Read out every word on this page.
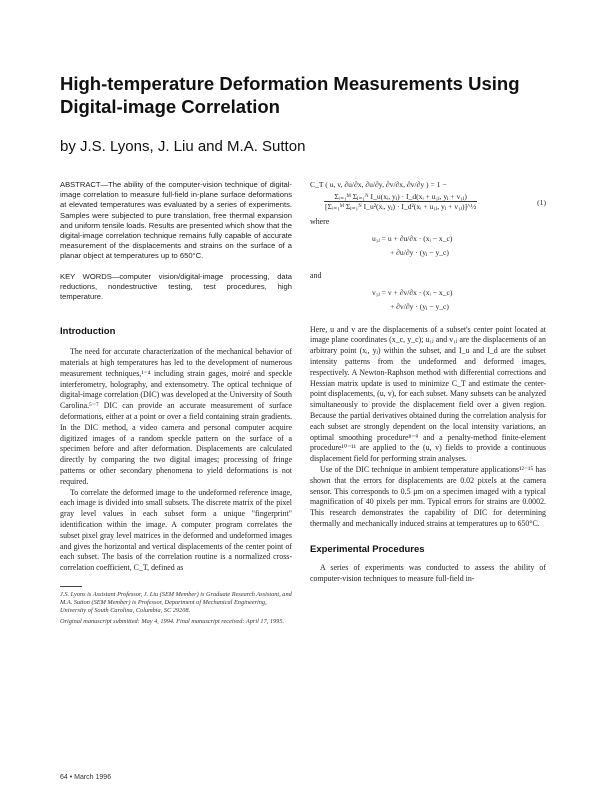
High-temperature Deformation Measurements Using Digital-image Correlation

by J.S. Lyons, J. Liu and M.A. Sutton

ABSTRACT—The ability of the computer-vision technique of digital-image correlation to measure full-field in-plane surface deformations at elevated temperatures was evaluated by a series of experiments. Samples were subjected to pure translation, free thermal expansion and uniform tensile loads. Results are presented which show that the digital-image correlation technique remains fully capable of accurate measurement of the displacements and strains on the surface of a planar object at temperatures up to 650°C.

KEY WORDS—computer vision/digital-image processing, data reductions, nondestructive testing, test procedures, high temperature.

Introduction

The need for accurate characterization of the mechanical behavior of materials at high temperatures has led to the development of numerous measurement techniques,¹⁻⁴ including strain gages, moiré and speckle interferometry, holography, and extensometry. The optical technique of digital-image correlation (DIC) was developed at the University of South Carolina.⁵⁻⁷ DIC can provide an accurate measurement of surface deformations, either at a point or over a field containing strain gradients. In the DIC method, a video camera and personal computer acquire digitized images of a random speckle pattern on the surface of a specimen before and after deformation. Displacements are calculated directly by comparing the two digital images; processing of fringe patterns or other secondary phenomena to yield deformations is not required.

To correlate the deformed image to the undeformed reference image, each image is divided into small subsets. The discrete matrix of the pixel gray level values in each subset form a unique "fingerprint" identification within the image. A computer program correlates the subset pixel gray level matrices in the deformed and undeformed images and gives the horizontal and vertical displacements of the center point of each subset. The basis of the correlation routine is a normalized cross-correlation coefficient, C_T, defined as

J.S. Lyons is Assistant Professor, J. Liu (SEM Member) is Graduate Research Assistant, and M.A. Sutton (SEM Member) is Professor, Department of Mechanical Engineering, University of South Carolina, Columbia, SC 29208.

Original manuscript submitted: May 4, 1994. Final manuscript received: April 17, 1995.

C_T ( u, v, ∂u/∂x, ∂u/∂y, ∂v/∂x, ∂v/∂y ) = 1 −
$\frac{\text{Σᵢ₌₁ᴹ Σⱼ₌₁ᴺ I\_u(xᵢ, yⱼ) · I\_d(xᵢ + u₁ⱼ, yⱼ + v₁ⱼ)}}{\text{[Σᵢ₌₁ᴹ Σⱼ₌₁ᴺ I\_u²(xᵢ, yⱼ) · I\_d²(xᵢ + u₁ⱼ, yⱼ + v₁ⱼ)]\textasciicircum{}½}}$	(1)

where

u₁ⱼ = u + ∂u/∂x · (xᵢ − x_c)
+ ∂u/∂y · (yⱼ − y_c)

and

v₁ⱼ = v + ∂v/∂x · (xᵢ − x_c)
+ ∂v/∂y · (yⱼ − y_c)

Here, u and v are the displacements of a subset's center point located at image plane coordinates (x_c, y_c); u₁ⱼ and v₁ⱼ are the displacements of an arbitrary point (xᵢ, yⱼ) within the subset, and I_u and I_d are the subset intensity patterns from the undeformed and deformed images, respectively. A Newton-Raphson method with differential corrections and Hessian matrix update is used to minimize C_T and estimate the center-point displacements, (u, v), for each subset. Many subsets can be analyzed simultaneously to provide the displacement field over a given region. Because the partial derivatives obtained during the correlation analysis for each subset are strongly dependent on the local intensity variations, an optimal smoothing procedure⁸⁻⁹ and a penalty-method finite-element procedure¹⁰⁻¹¹ are applied to the (u, v) fields to provide a continuous displacement field for performing strain analyses.

Use of the DIC technique in ambient temperature applications¹²⁻¹⁵ has shown that the errors for displacements are 0.02 pixels at the camera sensor. This corresponds to 0.5 μm on a specimen imaged with a typical magnification of 40 pixels per mm. Typical errors for strains are 0.0002. This research demonstrates the capability of DIC for determining thermally and mechanically induced strains at temperatures up to 650°C.

Experimental Procedures

A series of experiments was conducted to assess the ability of computer-vision techniques to measure full-field in-

64 • March 1996
